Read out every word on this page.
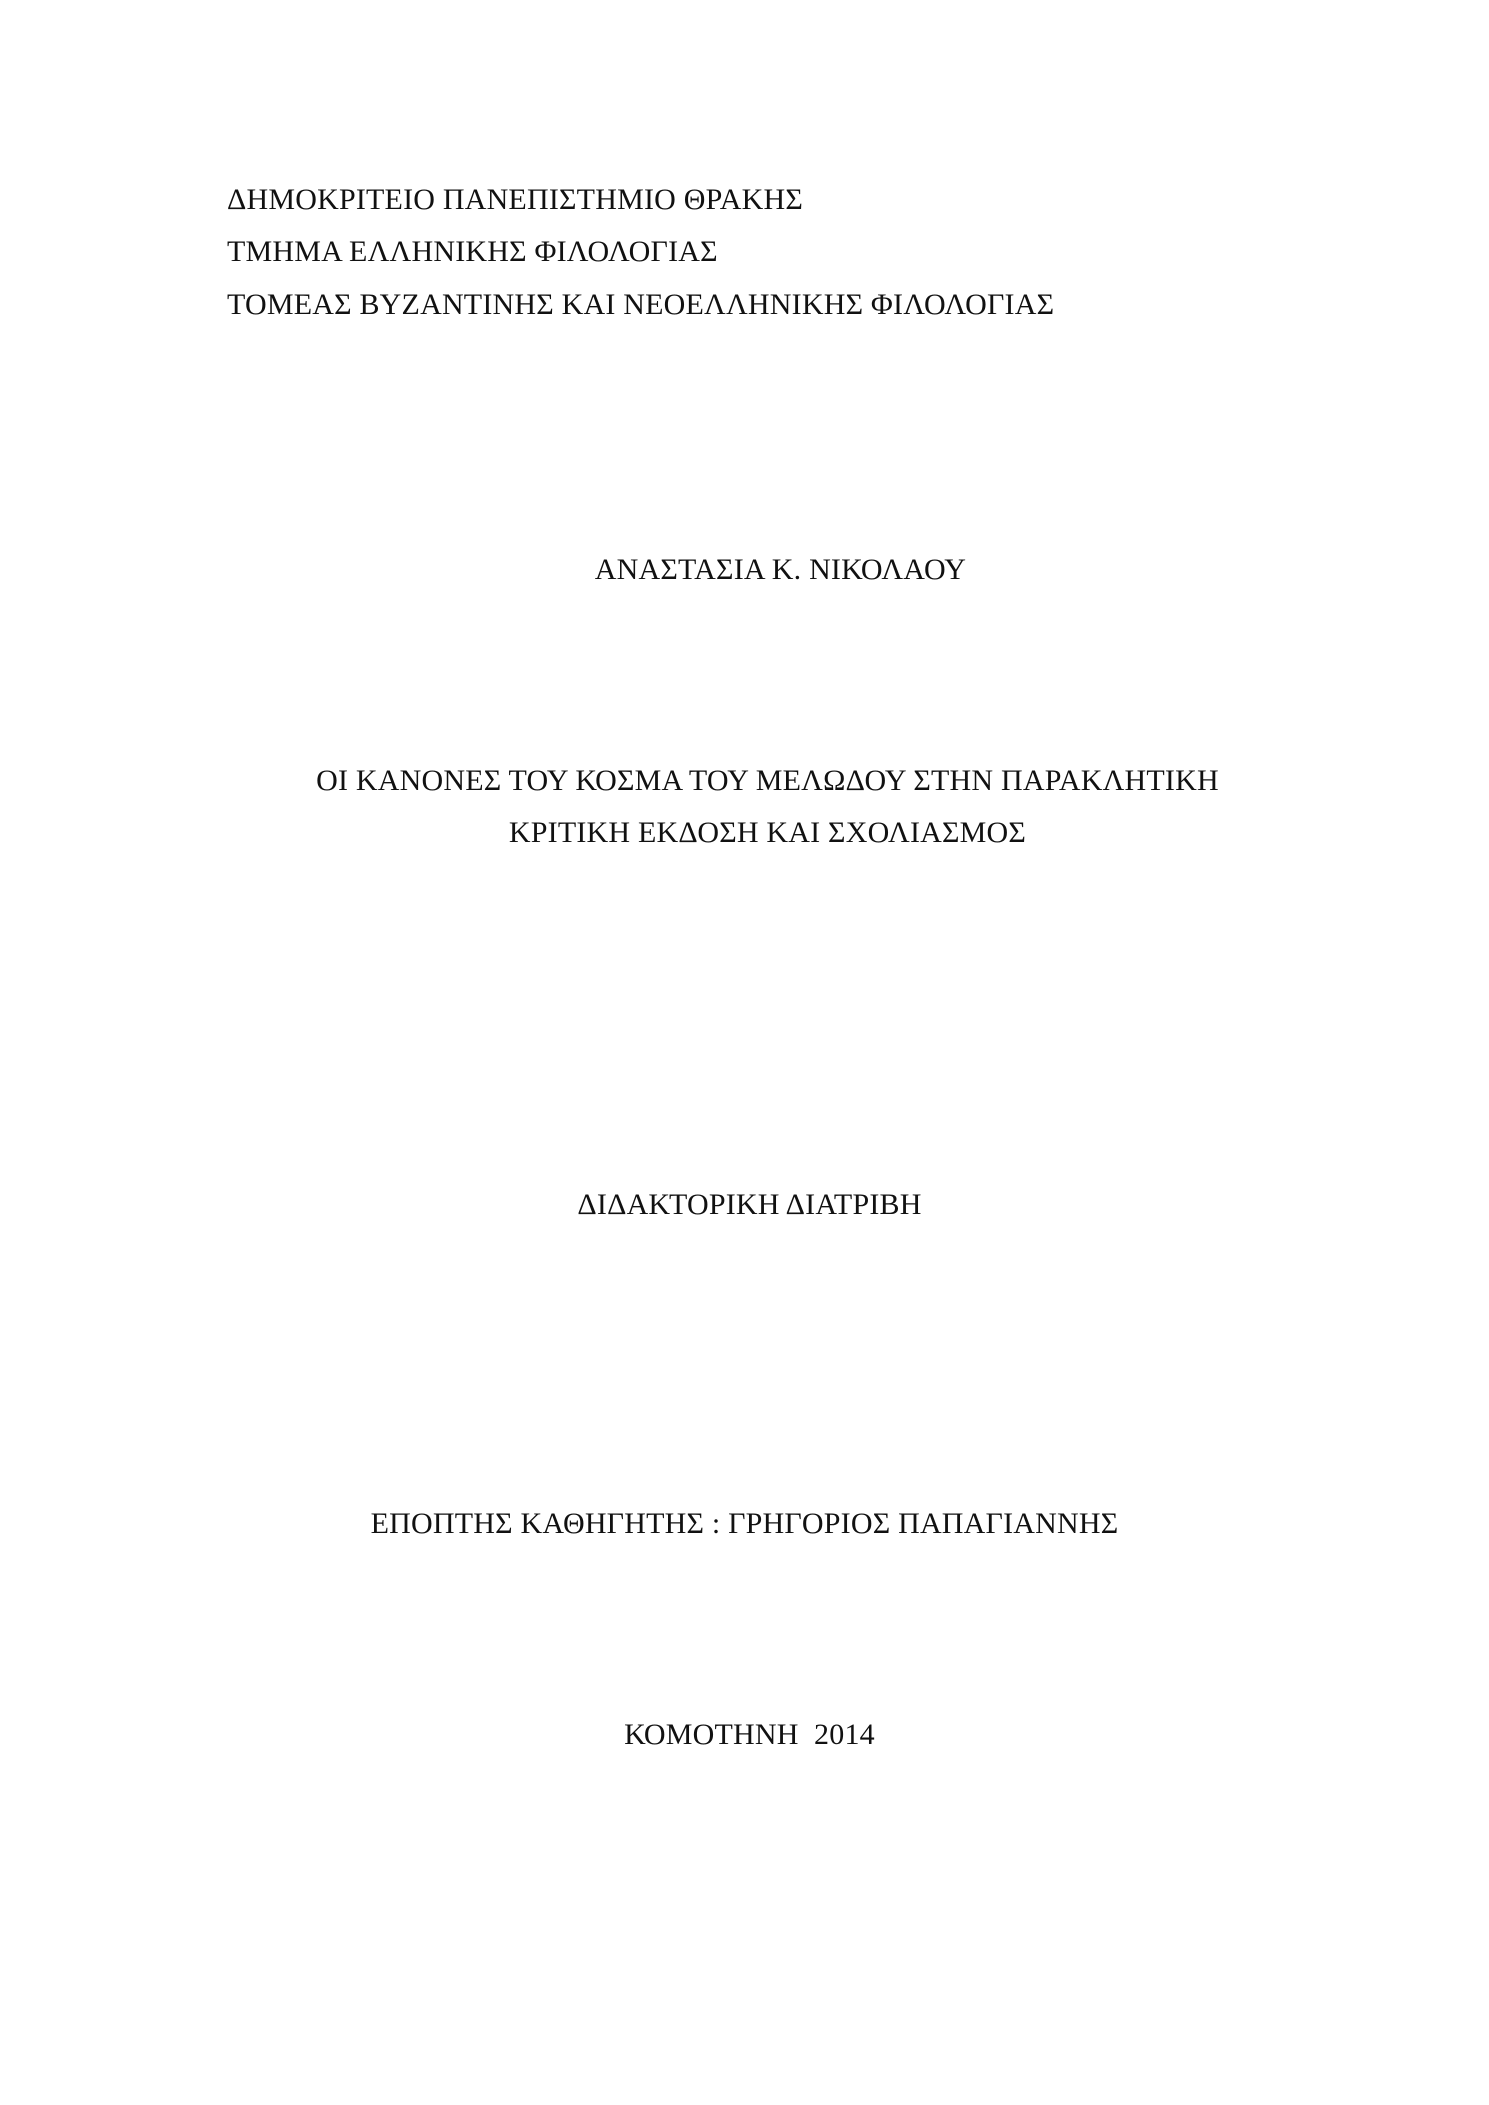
ΔΗΜΟΚΡΙΤΕΙΟ ΠΑΝΕΠΙΣΤΗΜΙΟ ΘΡΑΚΗΣ
ΤΜΗΜΑ ΕΛΛΗΝΙΚΗΣ ΦΙΛΟΛΟΓΙΑΣ
ΤΟΜΕΑΣ ΒΥΖΑΝΤΙΝΗΣ ΚΑΙ ΝΕΟΕΛΛΗΝΙΚΗΣ ΦΙΛΟΛΟΓΙΑΣ
ΑΝΑΣΤΑΣΙΑ Κ. ΝΙΚΟΛΑΟΥ
ΟΙ ΚΑΝΟΝΕΣ ΤΟΥ ΚΟΣΜΑ ΤΟΥ ΜΕΛΩΔΟΥ ΣΤΗΝ ΠΑΡΑΚΛΗΤΙΚΗ
ΚΡΙΤΙΚΗ ΕΚΔΟΣΗ ΚΑΙ ΣΧΟΛΙΑΣΜΟΣ
ΔΙΔΑΚΤΟΡΙΚΗ ΔΙΑΤΡΙΒΗ
ΕΠΟΠΤΗΣ ΚΑΘΗΓΗΤΗΣ : ΓΡΗΓΟΡΙΟΣ ΠΑΠΑΓΙΑΝΝΗΣ
ΚΟΜΟΤΗΝΗ  2014
